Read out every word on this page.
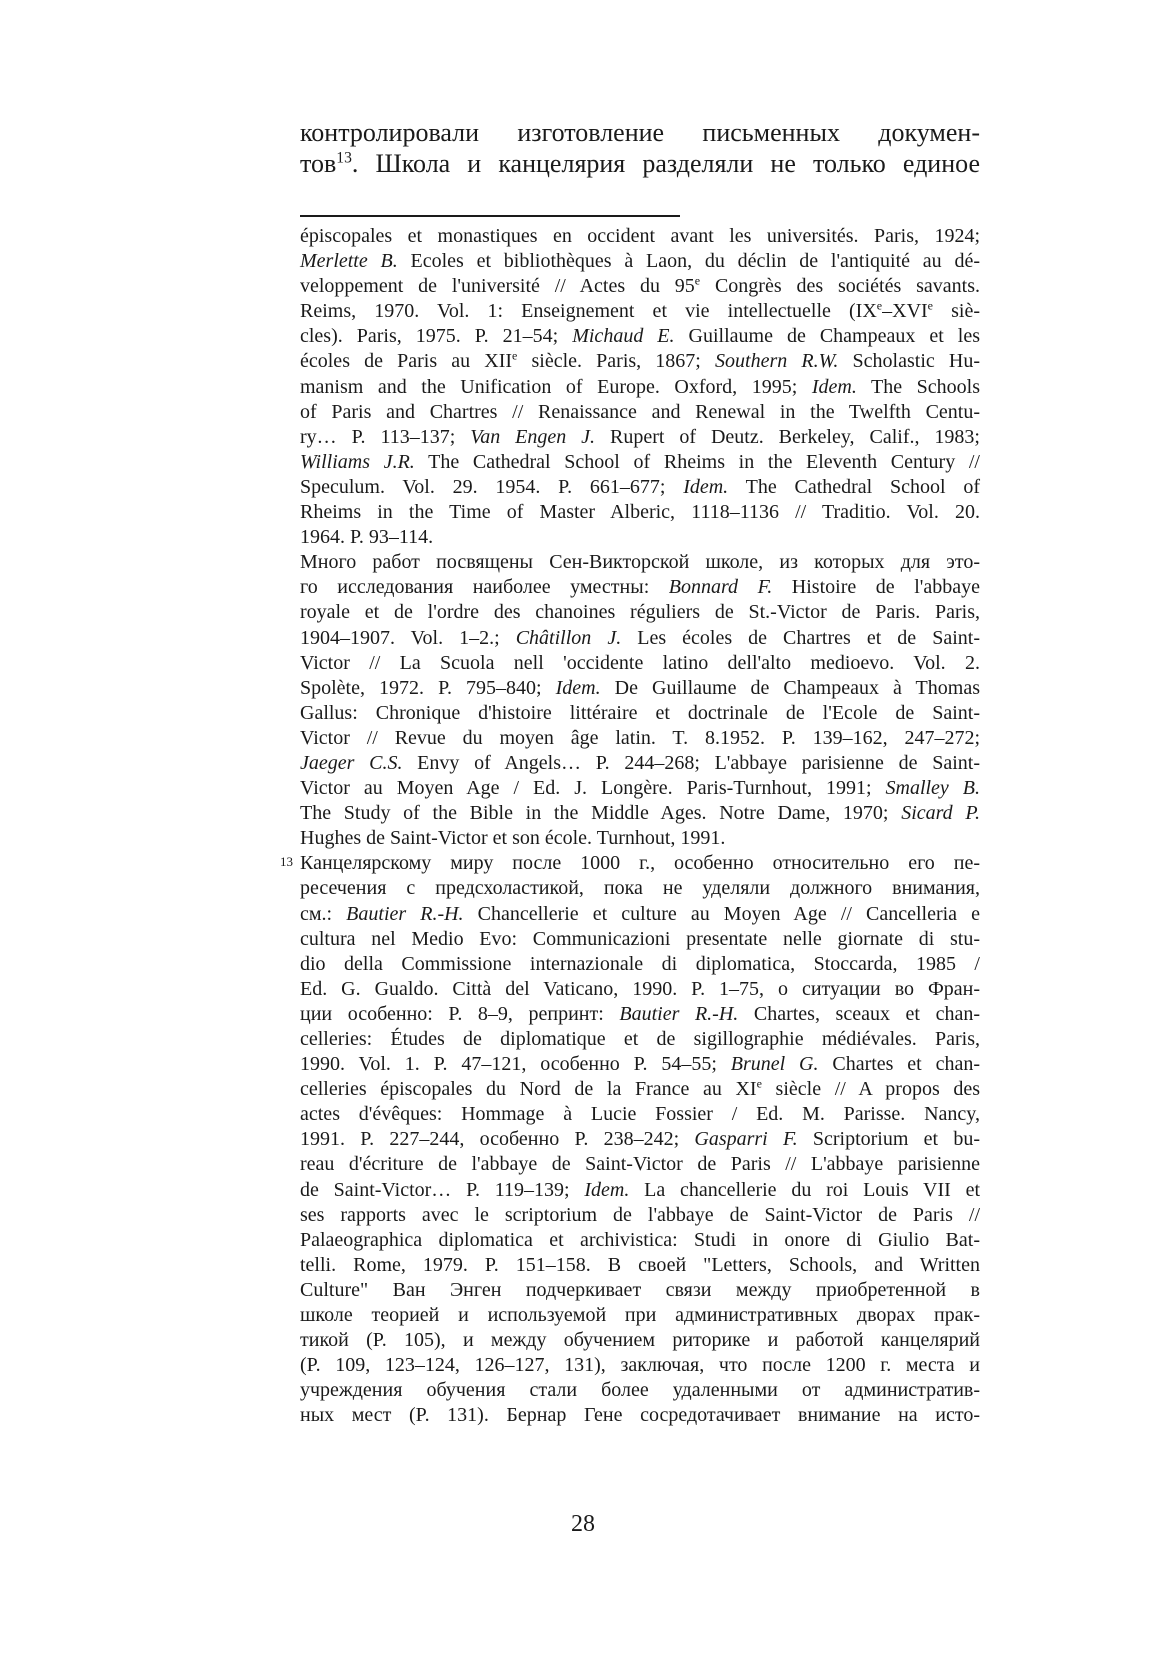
контролировали изготовление письменных докумен-
тов$^{13}$. Школа и канцелярия разделяли не только единое
épiscopales et monastiques en occident avant les universités. Paris, 1924;
Merlette B. Ecoles et bibliothèques à Laon, du déclin de l'antiquité au dé-
veloppement de l'université // Actes du 95e Congrès des sociétés savants.
Reims, 1970. Vol. 1: Enseignement et vie intellectuelle (IXe–XVIe siè-
cles). Paris, 1975. P. 21–54; Michaud E. Guillaume de Champeaux et les
écoles de Paris au XIIe siècle. Paris, 1867; Southern R.W. Scholastic Hu-
manism and the Unification of Europe. Oxford, 1995; Idem. The Schools
of Paris and Chartres // Renaissance and Renewal in the Twelfth Centu-
ry… P. 113–137; Van Engen J. Rupert of Deutz. Berkeley, Calif., 1983;
Williams J.R. The Cathedral School of Rheims in the Eleventh Century //
Speculum. Vol. 29. 1954. P. 661–677; Idem. The Cathedral School of
Rheims in the Time of Master Alberic, 1118–1136 // Traditio. Vol. 20.
1964. P. 93–114.
Много работ посвящены Сен-Викторской школе, из которых для это-
го исследования наиболее уместны: Bonnard F. Histoire de l'abbaye
royale et de l'ordre des chanoines réguliers de St.-Victor de Paris. Paris,
1904–1907. Vol. 1–2.; Châtillon J. Les écoles de Chartres et de Saint-
Victor // La Scuola nell 'occidente latino dell'alto medioevo. Vol. 2.
Spolète, 1972. P. 795–840; Idem. De Guillaume de Champeaux à Thomas
Gallus: Chronique d'histoire littéraire et doctrinale de l'Ecole de Saint-
Victor // Revue du moyen âge latin. T. 8.1952. P. 139–162, 247–272;
Jaeger C.S. Envy of Angels… P. 244–268; L'abbaye parisienne de Saint-
Victor au Moyen Age / Ed. J. Longère. Paris-Turnhout, 1991; Smalley B.
The Study of the Bible in the Middle Ages. Notre Dame, 1970; Sicard P.
Hughes de Saint-Victor et son école. Turnhout, 1991.
13 Канцелярскому миру после 1000 г., особенно относительно его пе-
ресечения с предсхоластикой, пока не уделяли должного внимания,
см.: Bautier R.-H. Chancellerie et culture au Moyen Age // Cancelleria e
cultura nel Medio Evo: Communicazioni presentate nelle giornate di stu-
dio della Commissione internazionale di diplomatica, Stoccarda, 1985 /
Ed. G. Gualdo. Città del Vaticano, 1990. P. 1–75, о ситуации во Фран-
ции особенно: P. 8–9, репринт: Bautier R.-H. Chartes, sceaux et chan-
celleries: Études de diplomatique et de sigillographie médiévales. Paris,
1990. Vol. 1. P. 47–121, особенно P. 54–55; Brunel G. Chartes et chan-
celleries épiscopales du Nord de la France au XIe siècle // A propos des
actes d'évêques: Hommage à Lucie Fossier / Ed. M. Parisse. Nancy,
1991. P. 227–244, особенно P. 238–242; Gasparri F. Scriptorium et bu-
reau d'écriture de l'abbaye de Saint-Victor de Paris // L'abbaye parisienne
de Saint-Victor… P. 119–139; Idem. La chancellerie du roi Louis VII et
ses rapports avec le scriptorium de l'abbaye de Saint-Victor de Paris //
Palaeographica diplomatica et archivistica: Studi in onore di Giulio Bat-
telli. Rome, 1979. P. 151–158. В своей "Letters, Schools, and Written
Culture" Ван Энген подчеркивает связи между приобретенной в
школе теорией и используемой при административных дворах прак-
тикой (P. 105), и между обучением риторике и работой канцелярий
(P. 109, 123–124, 126–127, 131), заключая, что после 1200 г. места и
учреждения обучения стали более удаленными от административ-
ных мест (P. 131). Бернар Гене сосредотачивает внимание на исто-
28
